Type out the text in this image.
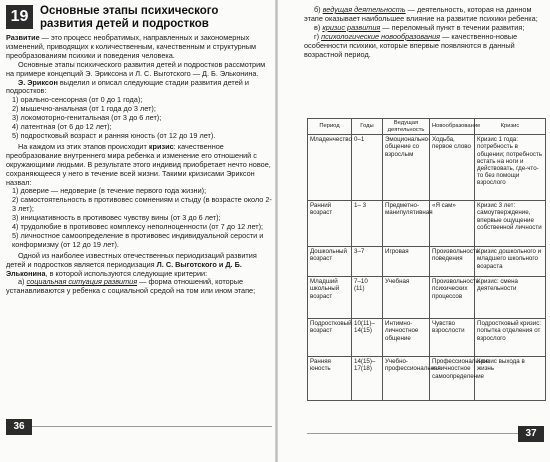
19	Основные этапы психического развития детей и подростков

Развитие — это процесс необратимых, направленных и закономерных изменений, приводящих к количественным, качественным и структурным преобразованиям психики и поведения человека.

Основные этапы психического развития детей и подростков рассмотрим на примере концепций Э. Эриксона и Л. С. Выготского — Д. Б. Эльконина.

Э. Эриксон выделил и описал следующие стадии развития детей и подростков:

1) орально-сенсорная (от 0 до 1 года);

2) мышечно-анальная (от 1 года до 3 лет);

3) локомоторно-генитальная (от 3 до 6 лет);

4) латентная (от 6 до 12 лет);

5) подростковый возраст и ранняя юность (от 12 до 19 лет).

На каждом из этих этапов происходит кризис: качественное преобразование внутреннего мира ребенка и изменение его отношений с окружающими людьми. В результате этого индивид приобретает нечто новое, сохраняющееся у него в течение всей жизни. Такими кризисами Эриксон назвал:

1) доверие — недоверие (в течение первого года жизни);

2) самостоятельность в противовес сомнениям и стыду (в возрасте около 2-3 лет);

3) инициативность в противовес чувству вины (от 3 до 6 лет);

4) трудолюбие в противовес комплексу неполноценности (от 7 до 12 лет);

5) личностное самоопределение в противовес индивидуальной серости и конформизму (от 12 до 19 лет).

Одной из наиболее известных отечественных периодизаций развития детей и подростков является периодизация Л. С. Выготского и Д. Б. Эльконина, в которой используются следующие критерии:

а) социальная ситуация развития — форма отношений, которые устанавливаются у ребенка с социальной средой на том или ином этапе;

36

б) ведущая деятельность — деятельность, которая на данном этапе оказывает наибольшее влияние на развитие психики ребенка;

в) кризис развития — переломный пункт в течении развития;

г) психологические новообразования — качественно-новые особенности психики, которые впервые появляются в данный возрастной период.

Период	Годы	Ведущая деятельность	Новообразование	Кризис
Младенчество	0–1	Эмоционально-общение со взрослым	Ходьба, первое слово	Кризис 1 года: потребность в общении; потребность встать на ноги и действовать, где-что-то без помощи взрослого
Ранний возраст	1– 3	Предметно-манипулятивная	«Я сам»	Кризис 3 лет: самоутверждение, впервые ощущение собственной личности
Дошкольный возраст	3–7	Игровая	Произвольность поведения	Кризис дошкольного и младшего школьного возраста
Младший школьный возраст	7–10 (11)	Учебная	Произвольность психических процессов	Кризис: смена деятельности
Подростковый возраст	10(11)–14(15)	Интимно-личностное общение	Чувство взрослости	Подростковый кризис: попытка отделения от взрослого
Ранняя юность	14(15)–17(18)	Учебно-профессиональная	Профессиональное и личностное самоопределение	Кризис выхода в жизнь
37
